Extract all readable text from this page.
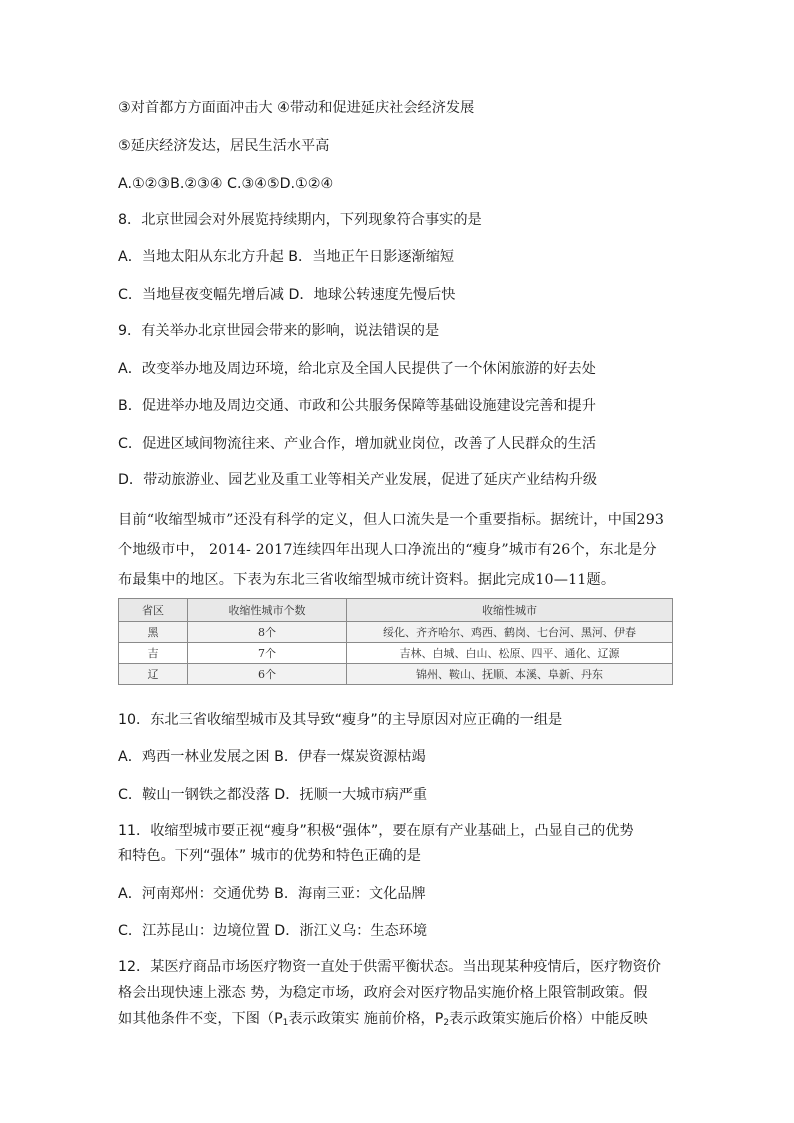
③对首都方方面面冲击大 ④带动和促进延庆社会经济发展
⑤延庆经济发达，居民生活水平高
A.①②③B.②③④ C.③④⑤D.①②④
8．北京世园会对外展览持续期内，下列现象符合事实的是
A．当地太阳从东北方升起 B．当地正午日影逐渐缩短
C．当地昼夜变幅先增后减 D．地球公转速度先慢后快
9．有关举办北京世园会带来的影响，说法错误的是
A．改变举办地及周边环境，给北京及全国人民提供了一个休闲旅游的好去处
B．促进举办地及周边交通、市政和公共服务保障等基础设施建设完善和提升
C．促进区域间物流往来、产业合作，增加就业岗位，改善了人民群众的生活
D．带动旅游业、园艺业及重工业等相关产业发展，促进了延庆产业结构升级
目前“收缩型城市”还没有科学的定义，但人口流失是一个重要指标。据统计，中国293
个地级市中， 2014- 2017连续四年出现人口净流出的“瘦身”城市有26个，东北是分
布最集中的地区。下表为东北三省收缩型城市统计资料。据此完成10—11题。
省区	收缩性城市个数	收缩性城市
黑	8个	绥化、齐齐哈尔、鸡西、鹤岗、七台河、黑河、伊春
吉	7个	吉林、白城、白山、松原、四平、通化、辽源
辽	6个	锦州、鞍山、抚顺、本溪、阜新、丹东
10．东北三省收缩型城市及其导致“瘦身”的主导原因对应正确的一组是
A．鸡西一林业发展之困 B．伊春一煤炭资源枯竭
C．鞍山一钢铁之都没落 D．抚顺一大城市病严重
11．收缩型城市要正视“瘦身”积极“强体”，要在原有产业基础上，凸显自己的优势
和特色。下列“强体” 城市的优势和特色正确的是
A．河南郑州：交通优势 B．海南三亚：文化品牌
C．江苏昆山：边境位置 D．浙江义乌：生态环境
12．某医疗商品市场医疗物资一直处于供需平衡状态。当出现某种疫情后，医疗物资价
格会出现快速上涨态 势，为稳定市场，政府会对医疗物品实施价格上限管制政策。假
如其他条件不变，下图（$P_1$表示政策实 施前价格，$P_2$表示政策实施后价格）中能反映
